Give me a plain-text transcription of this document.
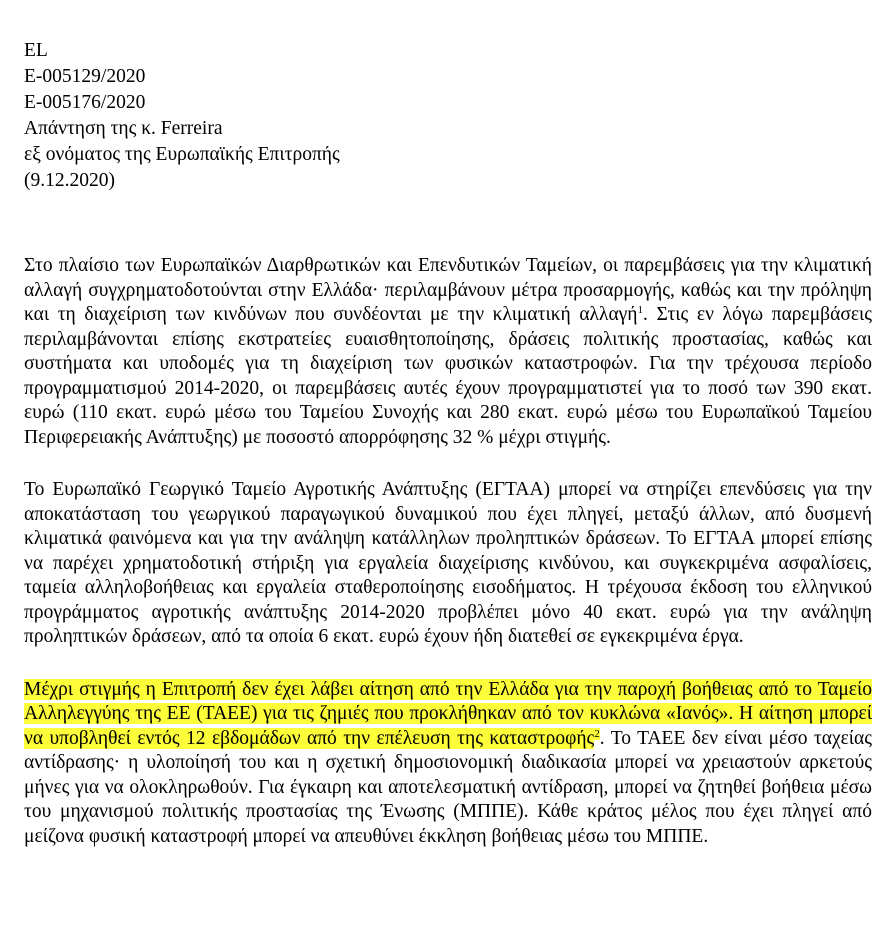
EL
E-005129/2020
E-005176/2020
Απάντηση της κ. Ferreira
εξ ονόματος της Ευρωπαϊκής Επιτροπής
(9.12.2020)
Στο πλαίσιο των Ευρωπαϊκών Διαρθρωτικών και Επενδυτικών Ταμείων, οι παρεμβάσεις για την κλιματική αλλαγή συγχρηματοδοτούνται στην Ελλάδα· περιλαμβάνουν μέτρα προσαρμογής, καθώς και την πρόληψη και τη διαχείριση των κινδύνων που συνδέονται με την κλιματική αλλαγή$^1$. Στις εν λόγω παρεμβάσεις περιλαμβάνονται επίσης εκστρατείες ευαισθητοποίησης, δράσεις πολιτικής προστασίας, καθώς και συστήματα και υποδομές για τη διαχείριση των φυσικών καταστροφών. Για την τρέχουσα περίοδο προγραμματισμού 2014-2020, οι παρεμβάσεις αυτές έχουν προγραμματιστεί για το ποσό των 390 εκατ. ευρώ (110 εκατ. ευρώ μέσω του Ταμείου Συνοχής και 280 εκατ. ευρώ μέσω του Ευρωπαϊκού Ταμείου Περιφερειακής Ανάπτυξης) με ποσοστό απορρόφησης 32 % μέχρι στιγμής.
Το Ευρωπαϊκό Γεωργικό Ταμείο Αγροτικής Ανάπτυξης (ΕΓΤΑΑ) μπορεί να στηρίζει επενδύσεις για την αποκατάσταση του γεωργικού παραγωγικού δυναμικού που έχει πληγεί, μεταξύ άλλων, από δυσμενή κλιματικά φαινόμενα και για την ανάληψη κατάλληλων προληπτικών δράσεων. Το ΕΓΤΑΑ μπορεί επίσης να παρέχει χρηματοδοτική στήριξη για εργαλεία διαχείρισης κινδύνου, και συγκεκριμένα ασφαλίσεις, ταμεία αλληλοβοήθειας και εργαλεία σταθεροποίησης εισοδήματος. Η τρέχουσα έκδοση του ελληνικού προγράμματος αγροτικής ανάπτυξης 2014-2020 προβλέπει μόνο 40 εκατ. ευρώ για την ανάληψη προληπτικών δράσεων, από τα οποία 6 εκατ. ευρώ έχουν ήδη διατεθεί σε εγκεκριμένα έργα.
Μέχρι στιγμής η Επιτροπή δεν έχει λάβει αίτηση από την Ελλάδα για την παροχή βοήθειας από το Ταμείο Αλληλεγγύης της ΕΕ (ΤΑΕΕ) για τις ζημιές που προκλήθηκαν από τον κυκλώνα «Ιανός». Η αίτηση μπορεί να υποβληθεί εντός 12 εβδομάδων από την επέλευση της καταστροφής$^2$. Το ΤΑΕΕ δεν είναι μέσο ταχείας αντίδρασης· η υλοποίησή του και η σχετική δημοσιονομική διαδικασία μπορεί να χρειαστούν αρκετούς μήνες για να ολοκληρωθούν. Για έγκαιρη και αποτελεσματική αντίδραση, μπορεί να ζητηθεί βοήθεια μέσω του μηχανισμού πολιτικής προστασίας της Ένωσης (ΜΠΠΕ). Κάθε κράτος μέλος που έχει πληγεί από μείζονα φυσική καταστροφή μπορεί να απευθύνει έκκληση βοήθειας μέσω του ΜΠΠΕ.
